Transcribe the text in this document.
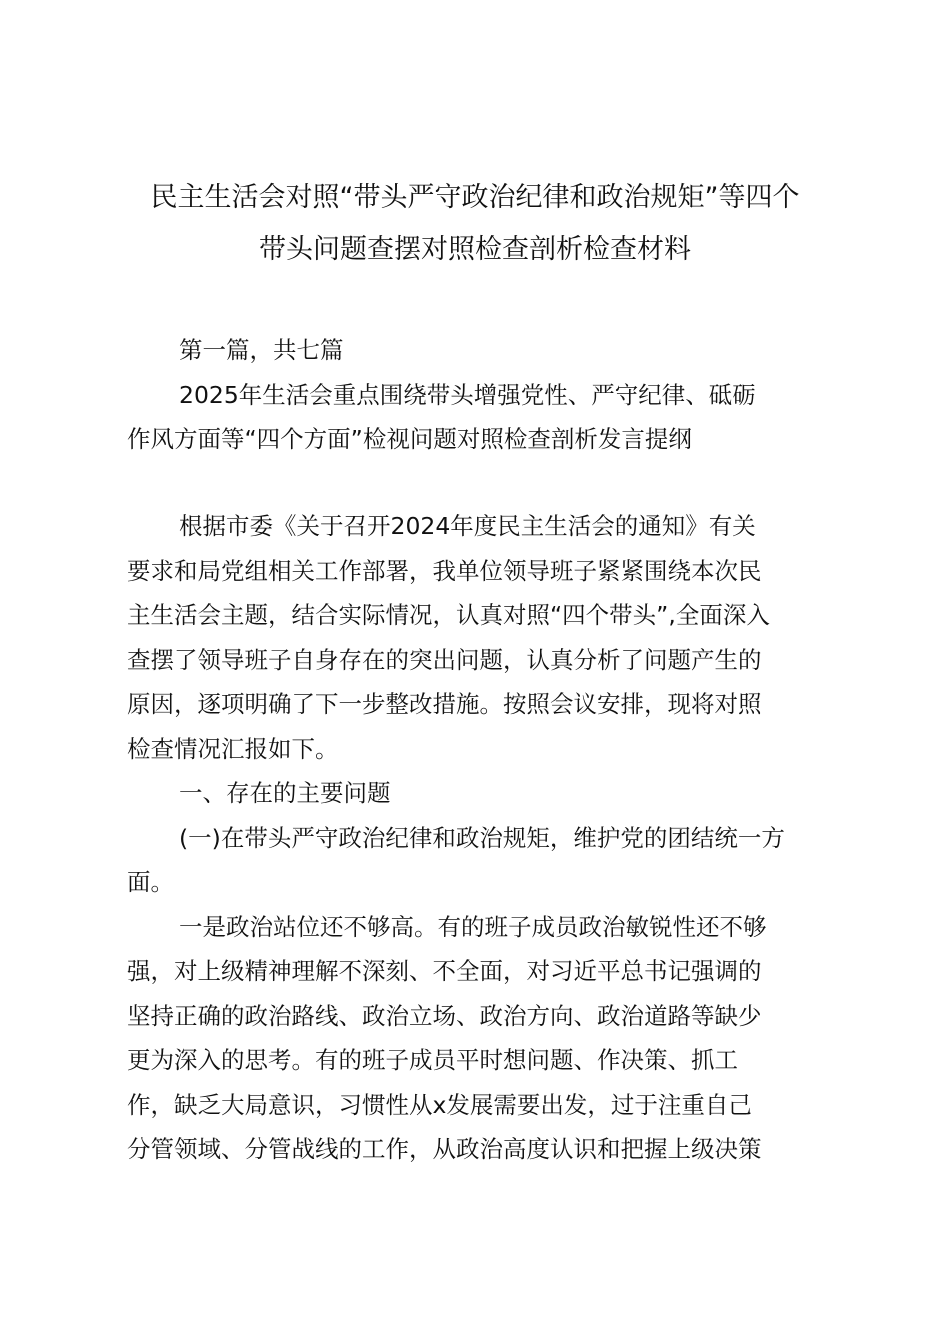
民主生活会对照“带头严守政治纪律和政治规矩”等四个
带头问题查摆对照检查剖析检查材料
第一篇，共七篇
2025年生活会重点围绕带头增强党性、严守纪律、砥砺
作风方面等“四个方面”检视问题对照检查剖析发言提纲
根据市委《关于召开2024年度民主生活会的通知》有关
要求和局党组相关工作部署，我单位领导班子紧紧围绕本次民
主生活会主题，结合实际情况，认真对照“四个带头”,全面深入
查摆了领导班子自身存在的突出问题，认真分析了问题产生的
原因，逐项明确了下一步整改措施。按照会议安排，现将对照
检查情况汇报如下。
一、存在的主要问题
(一)在带头严守政治纪律和政治规矩，维护党的团结统一方
面。
一是政治站位还不够高。有的班子成员政治敏锐性还不够
强，对上级精神理解不深刻、不全面，对习近平总书记强调的
坚持正确的政治路线、政治立场、政治方向、政治道路等缺少
更为深入的思考。有的班子成员平时想问题、作决策、抓工
作，缺乏大局意识，习惯性从x发展需要出发，过于注重自己
分管领域、分管战线的工作，从政治高度认识和把握上级决策
